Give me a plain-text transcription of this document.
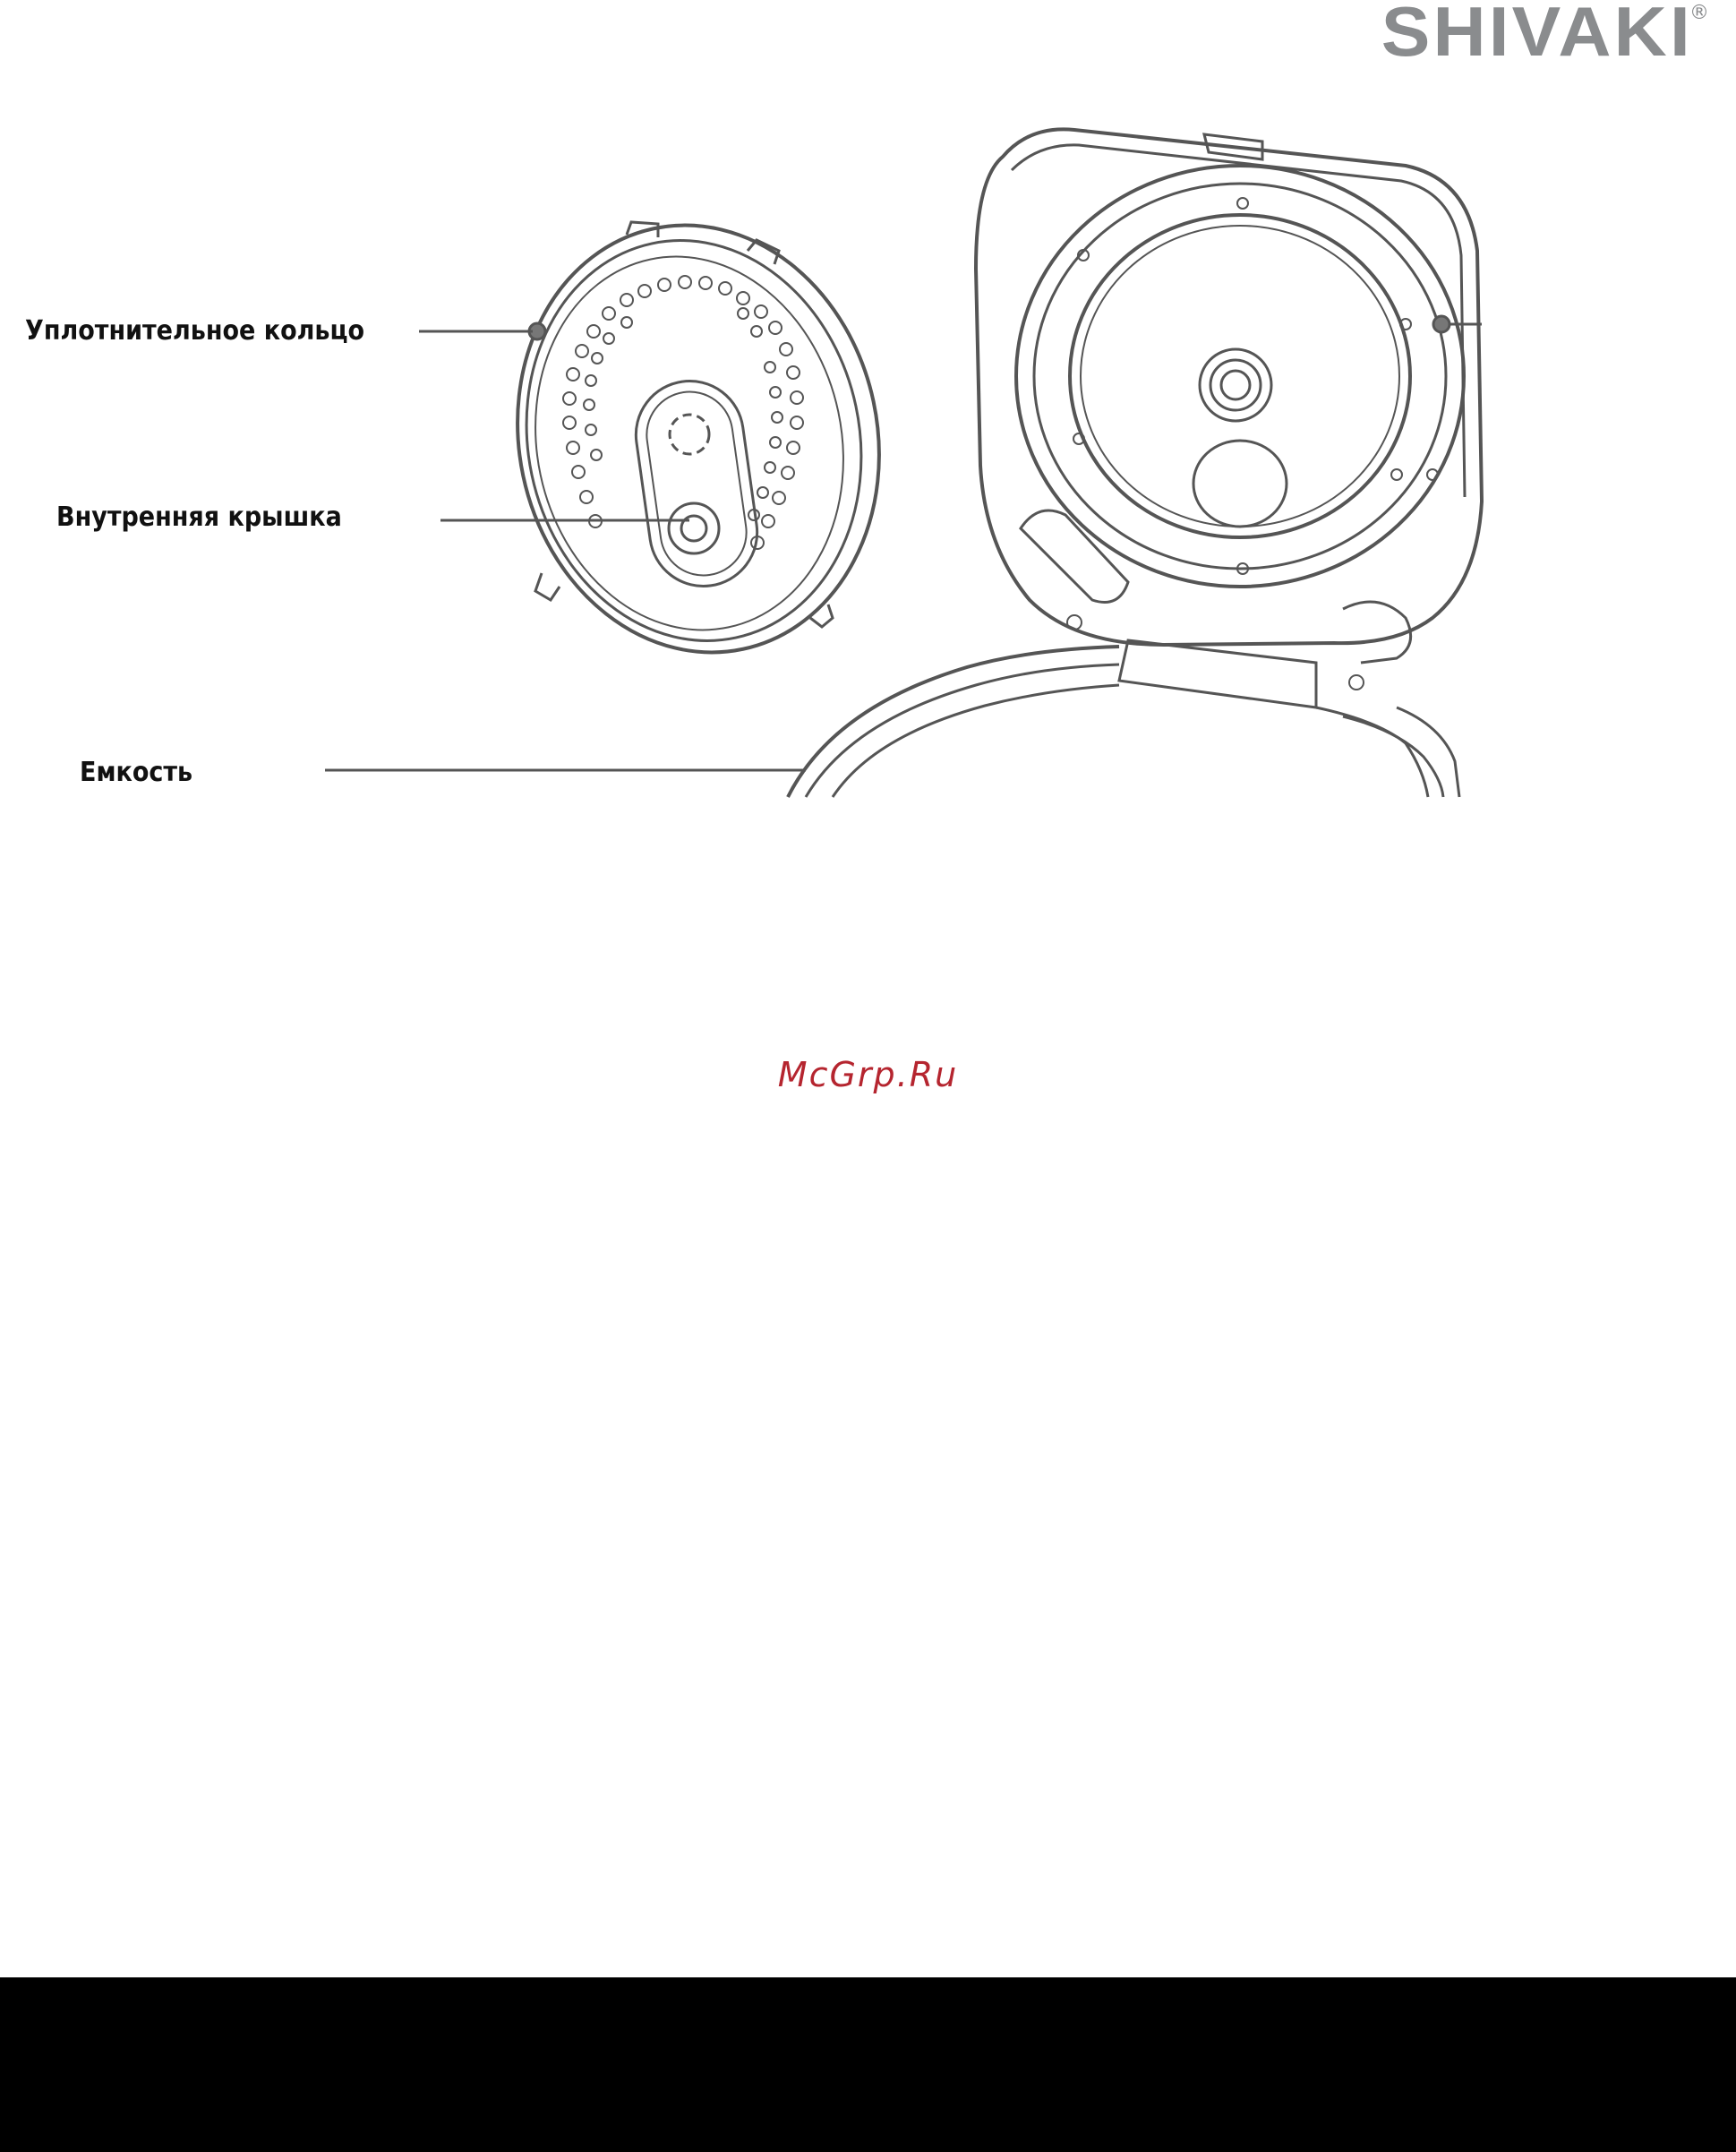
SHIVAKI
®
Уплотнительное кольцо
Внутренняя крышка
Емкость
McGrp.Ru
